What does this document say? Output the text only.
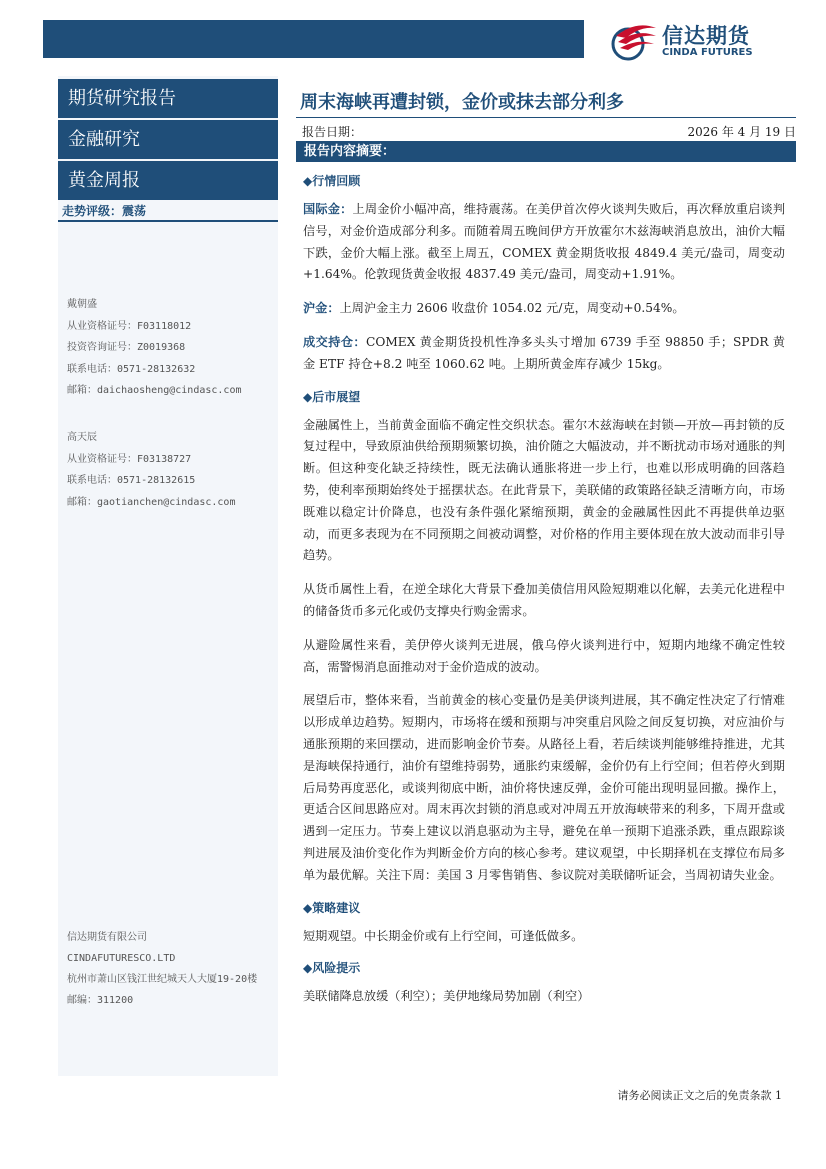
信达期货
CINDA FUTURES
期货研究报告
金融研究
黄金周报
走势评级：震荡
戴朝盛
从业资格证号：F03118012
投资咨询证号：Z0019368
联系电话：0571-28132632
邮箱：daichaosheng@cindasc.com
高天辰
从业资格证号：F03138727
联系电话：0571-28132615
邮箱：gaotianchen@cindasc.com
信达期货有限公司
CINDAFUTURESCO.LTD
杭州市萧山区钱江世纪城天人大厦19-20楼
邮编：311200
周末海峡再遭封锁，金价或抹去部分利多
报告日期：	2026 年 4 月 19 日
报告内容摘要：
◆行情回顾

国际金：上周金价小幅冲高，维持震荡。在美伊首次停火谈判失败后，再次释放重启谈判信号，对金价造成部分利多。而随着周五晚间伊方开放霍尔木兹海峡消息放出，油价大幅下跌，金价大幅上涨。截至上周五，COMEX 黄金期货收报 4849.4 美元/盎司，周变动+1.64%。伦敦现货黄金收报 4837.49 美元/盎司，周变动+1.91%。

沪金：上周沪金主力 2606 收盘价 1054.02 元/克，周变动+0.54%。

成交持仓：COMEX 黄金期货投机性净多头头寸增加 6739 手至 98850 手；SPDR 黄金 ETF 持仓+8.2 吨至 1060.62 吨。上期所黄金库存减少 15kg。

◆后市展望

金融属性上，当前黄金面临不确定性交织状态。霍尔木兹海峡在封锁—开放—再封锁的反复过程中，导致原油供给预期频繁切换，油价随之大幅波动，并不断扰动市场对通胀的判断。但这种变化缺乏持续性，既无法确认通胀将进一步上行，也难以形成明确的回落趋势，使利率预期始终处于摇摆状态。在此背景下，美联储的政策路径缺乏清晰方向，市场既难以稳定计价降息，也没有条件强化紧缩预期，黄金的金融属性因此不再提供单边驱动，而更多表现为在不同预期之间被动调整，对价格的作用主要体现在放大波动而非引导趋势。

从货币属性上看，在逆全球化大背景下叠加美债信用风险短期难以化解，去美元化进程中的储备货币多元化或仍支撑央行购金需求。

从避险属性来看，美伊停火谈判无进展，俄乌停火谈判进行中，短期内地缘不确定性较高，需警惕消息面推动对于金价造成的波动。

展望后市，整体来看，当前黄金的核心变量仍是美伊谈判进展，其不确定性决定了行情难以形成单边趋势。短期内，市场将在缓和预期与冲突重启风险之间反复切换，对应油价与通胀预期的来回摆动，进而影响金价节奏。从路径上看，若后续谈判能够维持推进，尤其是海峡保持通行，油价有望维持弱势，通胀约束缓解，金价仍有上行空间；但若停火到期后局势再度恶化，或谈判彻底中断，油价将快速反弹，金价可能出现明显回撤。操作上，更适合区间思路应对。周末再次封锁的消息或对冲周五开放海峡带来的利多，下周开盘或遇到一定压力。节奏上建议以消息驱动为主导，避免在单一预期下追涨杀跌，重点跟踪谈判进展及油价变化作为判断金价方向的核心参考。建议观望，中长期择机在支撑位布局多单为最优解。关注下周：美国 3 月零售销售、参议院对美联储听证会，当周初请失业金。

◆策略建议

短期观望。中长期金价或有上行空间，可逢低做多。

◆风险提示

美联储降息放缓（利空）；美伊地缘局势加剧（利空）

请务必阅读正文之后的免责条款 1
